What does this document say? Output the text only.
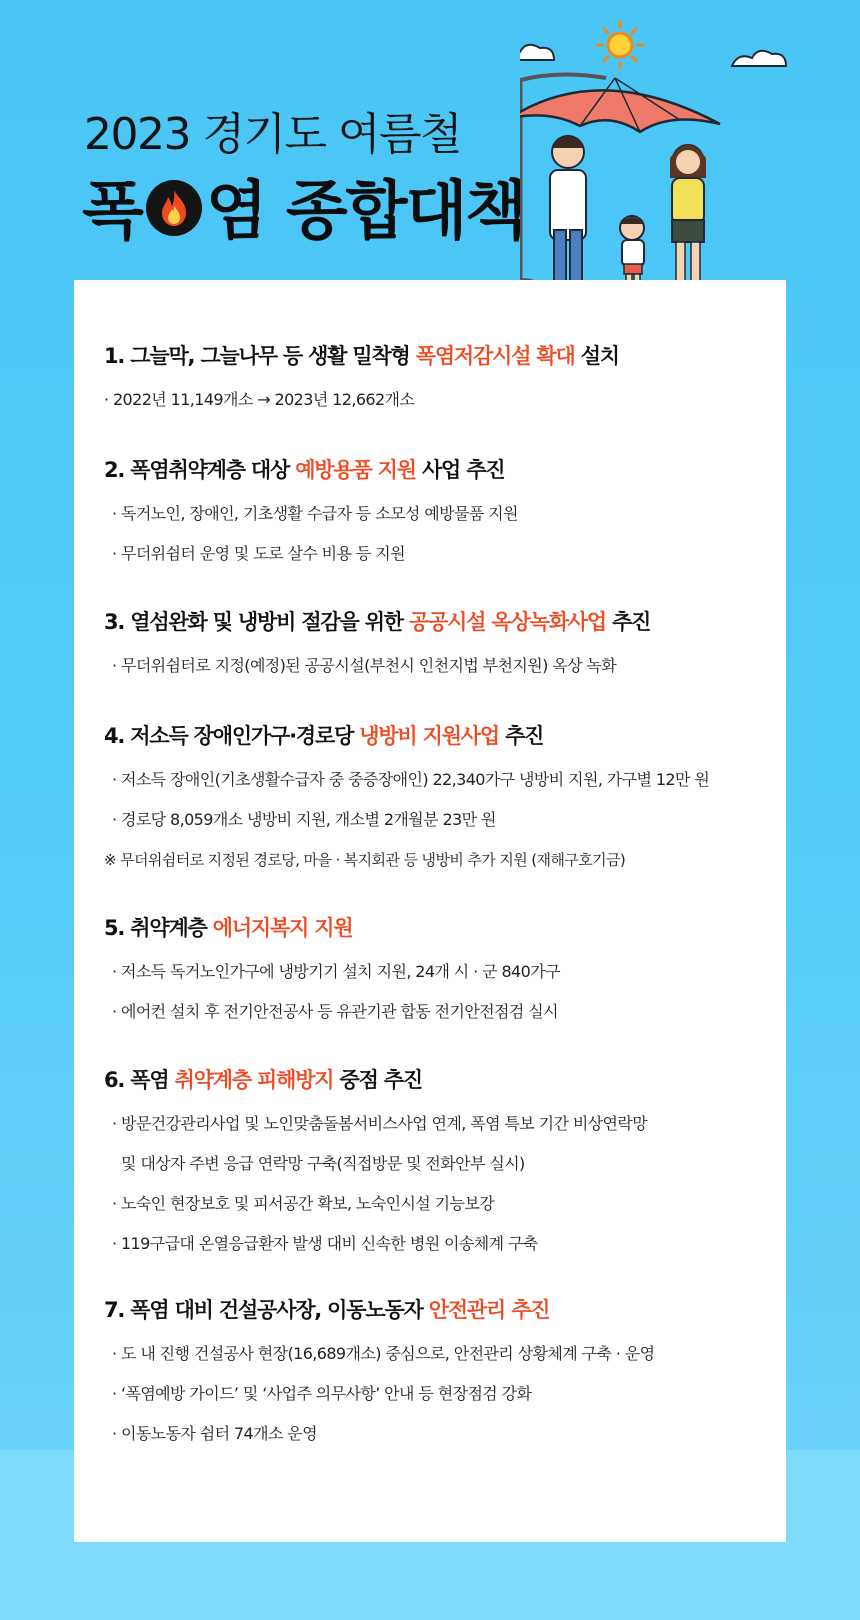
2023 경기도 여름철
폭 염 종합대책
1. 그늘막, 그늘나무 등 생활 밀착형 폭염저감시설 확대 설치
· 2022년 11,149개소 → 2023년 12,662개소
2. 폭염취약계층 대상 예방용품 지원 사업 추진
· 독거노인, 장애인, 기초생활 수급자 등 소모성 예방물품 지원
· 무더위쉼터 운영 및 도로 살수 비용 등 지원
3. 열섬완화 및 냉방비 절감을 위한 공공시설 옥상녹화사업 추진
· 무더위쉼터로 지정(예정)된 공공시설(부천시 인천지법 부천지원) 옥상 녹화
4. 저소득 장애인가구·경로당 냉방비 지원사업 추진
· 저소득 장애인(기초생활수급자 중 중증장애인) 22,340가구 냉방비 지원, 가구별 12만 원
· 경로당 8,059개소 냉방비 지원, 개소별 2개월분 23만 원
※ 무더위쉼터로 지정된 경로당, 마을 · 복지회관 등 냉방비 추가 지원 (재해구호기금)
5. 취약계층 에너지복지 지원
· 저소득 독거노인가구에 냉방기기 설치 지원, 24개 시 · 군 840가구
· 에어컨 설치 후 전기안전공사 등 유관기관 합동 전기안전점검 실시
6. 폭염 취약계층 피해방지 중점 추진
· 방문건강관리사업 및 노인맞춤돌봄서비스사업 연계, 폭염 특보 기간 비상연락망
및 대상자 주변 응급 연락망 구축(직접방문 및 전화안부 실시)
· 노숙인 현장보호 및 피서공간 확보, 노숙인시설 기능보강
· 119구급대 온열응급환자 발생 대비 신속한 병원 이송체계 구축
7. 폭염 대비 건설공사장, 이동노동자 안전관리 추진
· 도 내 진행 건설공사 현장(16,689개소) 중심으로, 안전관리 상황체계 구축 · 운영
· ‘폭염예방 가이드’ 및 ‘사업주 의무사항’ 안내 등 현장점검 강화
· 이동노동자 쉼터 74개소 운영
